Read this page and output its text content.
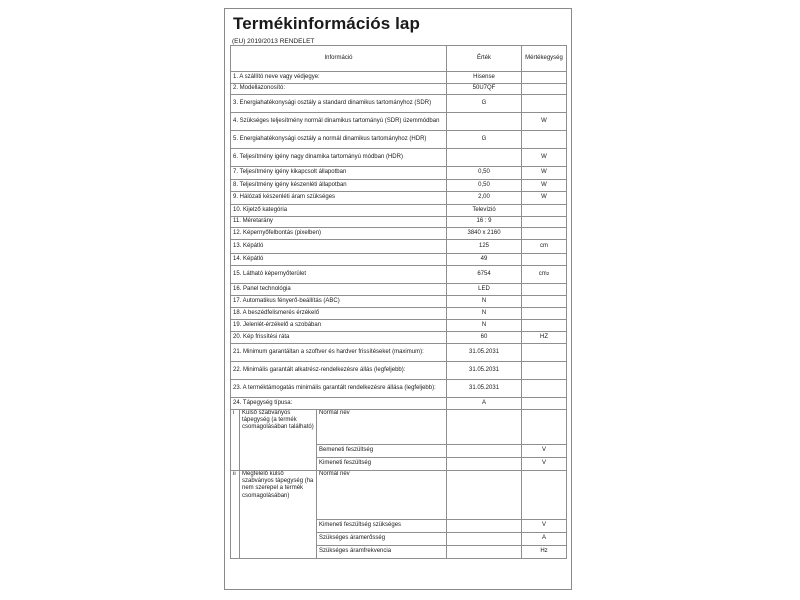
Termékinformációs lap
(EU) 2019/2013 RENDELET
Információ			Érték	Mértékegység
1. A szállító neve vagy védjegye:			Hisense	
2. Modellazonosító:			50U7QF	
3. Energiahatékonysági osztály a standard dinamikus tartományhoz (SDR)			G	
4. Szükséges teljesítmény normál dinamikus tartományú (SDR) üzemmódban				W
5. Energiahatékonysági osztály a normál dinamikus tartományhoz (HDR)			G	
6. Teljesítmény igény nagy dinamika tartományú módban (HDR)				W
7. Teljesítmény igény kikapcsolt állapotban			0,50	W
8. Teljesítmény igény készenléti állapotban			0,50	W
9. Hálózati készenléti áram szükséges			2,00	W
10. Kijelző kategória			Televízió	
11. Méretarány			16 : 9	
12. Képernyőfelbontás (pixelben)			3840 x 2160	
13. Képátló			125	cm
14. Képátló			49	
15. Látható képernyőterület			6754	$cm^2$
16. Panel technológia			LED	
17. Automatikus fényerő-beállítás (ABC)			N	
18. A beszédfelismerés érzékelő			N	
19. Jelenlét-érzékelő a szobában			N	
20. Kép frissítési ráta			60	HZ
21. Minimum garantáltan a szoftver és hardver frissítéseket (maximum):			31.05.2031	
22. Minimális garantált alkatrész-rendelkezésre állás (legfeljebb):			31.05.2031	
23. A terméktámogatás minimális garantált rendelkezésre állása (legfeljebb):			31.05.2031	
24. Tápegység típusa:			A	
i	Külső szabványos tápegység (a termék csomagolásában található)	Normál név		
		Bemeneti feszültség		V
		Kimeneti feszültség		V
ii	Megfelelő külső szabványos tápegység (ha nem szerepel a termék csomagolásában)	Normál név		
		Kimeneti feszültség szükséges		V
		Szükséges áramerősség		A
		Szükséges áramfrekvencia		Hz
